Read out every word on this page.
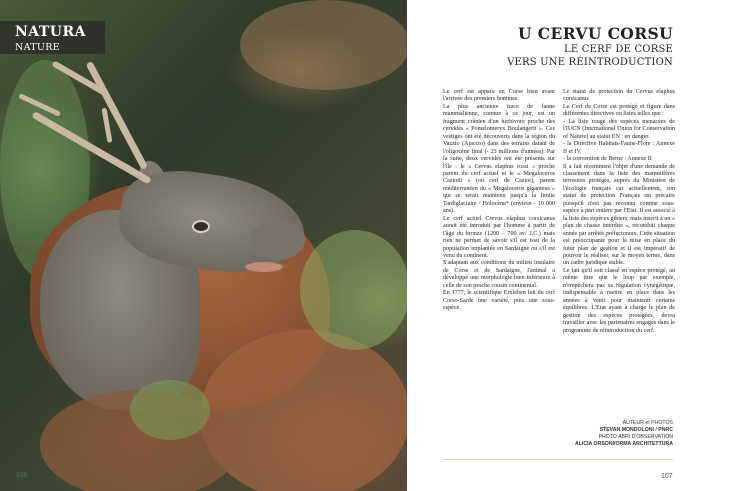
NATURA
NATURE
106
U CERVU CORSU
LE CERF DE CORSE
VERS UNE RÉINTRODUCTION

Le cerf est apparu en Corse bien avant l'arrivée des premiers hommes.

La plus ancienne trace de faune mammalienne, connue à ce jour, est un fragment crânien d'un herbivore proche des cervidés « Pomelomeryx Boulangerii ». Ces vestiges ont été découverts dans la région du Vazzio (Ajaccio) dans des terrains datant de l'oligocène final (- 23 millions d'années). Par la suite, deux cervidés ont été présents sur l'île : le « Cervus elaphus rossi » proche parent du cerf actuel et le « Megaloceros Caziotii » (ou cerf de Caziot), parent méditerranéen du « Megaloceros giganteus » qui se serait maintenu jusqu'à la limite Tardiglaciaire / Holocène* (environ - 10 000 ans).

Le cerf actuel Cervus elaphus corsicanus aurait été introduit par l'homme à partir de l'âge du bronze (1200 – 700 av/ J.C.) mais rien ne permet de savoir s'il est issu de la population implantée en Sardaigne ou s'il est venu du continent.

S'adaptant aux conditions du milieu insulaire de Corse et de Sardaigne, l'animal a développé une morphologie bien inférieure à celle de son proche cousin continental.

En 1777, le scientifique Erxleben fait du cerf Corso-Sarde une variété, puis une sous-espèce.

Le statut de protection du Cervus elaphus corsicanus

Le Cerf de Corse est protégé et figure dans différentes directives ou listes telles que :

- La liste rouge des espèces menacées de l'IUCN (International Union for Conservation of Nature) au statut EN : en danger.

- la Directive Habitats-Faune-Flore : Annexe II et IV.

- la convention de Berne : Annexe II

Il a fait récemment l'objet d'une demande de classement dans la liste des mammifères terrestres protégés, auprès du Ministère de l'écologie français car actuellement, son statut de protection Français est précaire puisqu'il n'est pas reconnu comme sous-espèce à part entière par l'Etat. Il est associé à la liste des espèces gibiers, mais inscrit à un « plan de chasse interdite », reconduit chaque année par arrêtés préfectoraux. Cette situation est préoccupante pour la mise en place du futur plan de gestion et il est impératif de pouvoir le réaliser, sur le moyen terme, dans un cadre juridique stable.

Le fait qu'il soit classé en espèce protégé, au même titre que le loup par exemple, n'empêchera pas sa régulation cynégétique, indispensable à mettre en place dans les années à venir pour maintenir certains équilibres. L'Etat ayant à charge le plan de gestion des espèces protégées, devra travailler avec les partenaires engagés dans le programme de réintroduction du cerf.

AUTEUR et PHOTOS
STEVAN MONDOLONI / PNRC
PHOTO ABRI D'OBSERVATION
ALICIA ORSONI/ORMA ARCHITETTURA
107
